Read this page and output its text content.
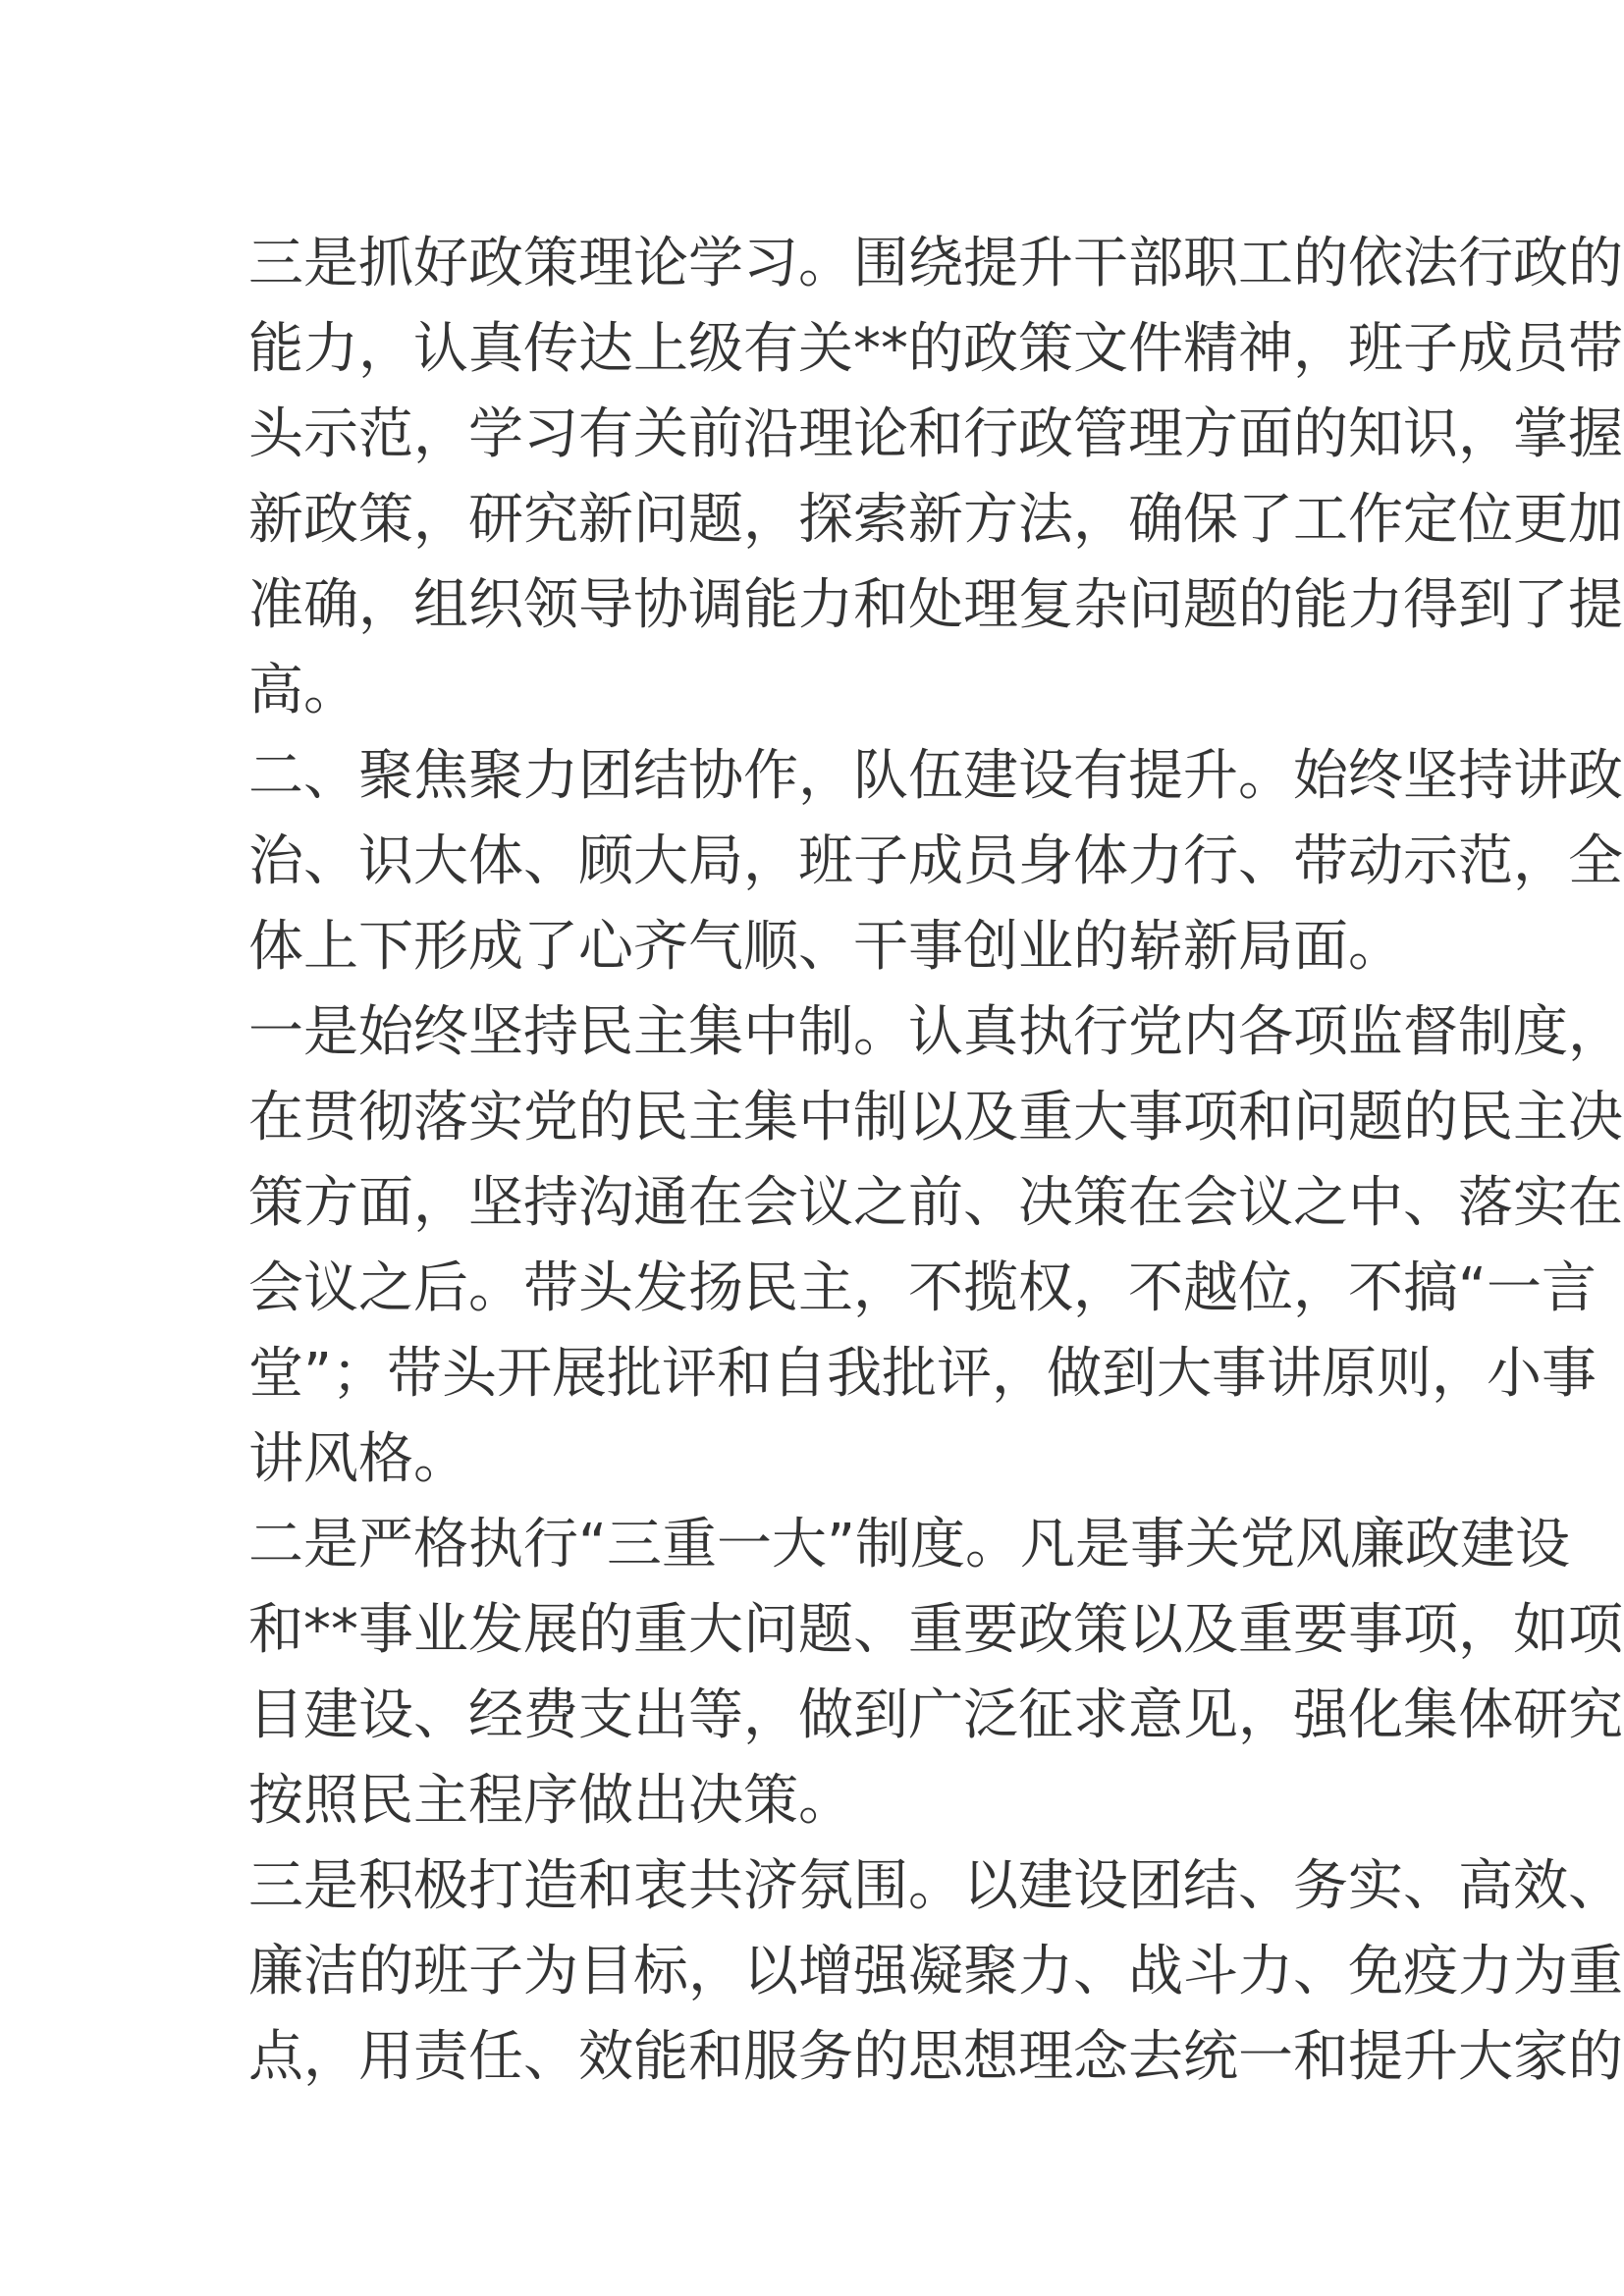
三是抓好政策理论学习。围绕提升干部职工的依法行政的
能力，认真传达上级有关**的政策文件精神，班子成员带
头示范，学习有关前沿理论和行政管理方面的知识，掌握
新政策，研究新问题，探索新方法，确保了工作定位更加
准确，组织领导协调能力和处理复杂问题的能力得到了提
高。
二、聚焦聚力团结协作，队伍建设有提升。始终坚持讲政
治、识大体、顾大局，班子成员身体力行、带动示范，全
体上下形成了心齐气顺、干事创业的崭新局面。
一是始终坚持民主集中制。认真执行党内各项监督制度，
在贯彻落实党的民主集中制以及重大事项和问题的民主决
策方面，坚持沟通在会议之前、决策在会议之中、落实在
会议之后。带头发扬民主，不揽权，不越位，不搞“一言
堂”；带头开展批评和自我批评，做到大事讲原则，小事
讲风格。
二是严格执行“三重一大”制度。凡是事关党风廉政建设
和**事业发展的重大问题、重要政策以及重要事项，如项
目建设、经费支出等，做到广泛征求意见，强化集体研究
按照民主程序做出决策。
三是积极打造和衷共济氛围。以建设团结、务实、高效、
廉洁的班子为目标，以增强凝聚力、战斗力、免疫力为重
点，用责任、效能和服务的思想理念去统一和提升大家的
